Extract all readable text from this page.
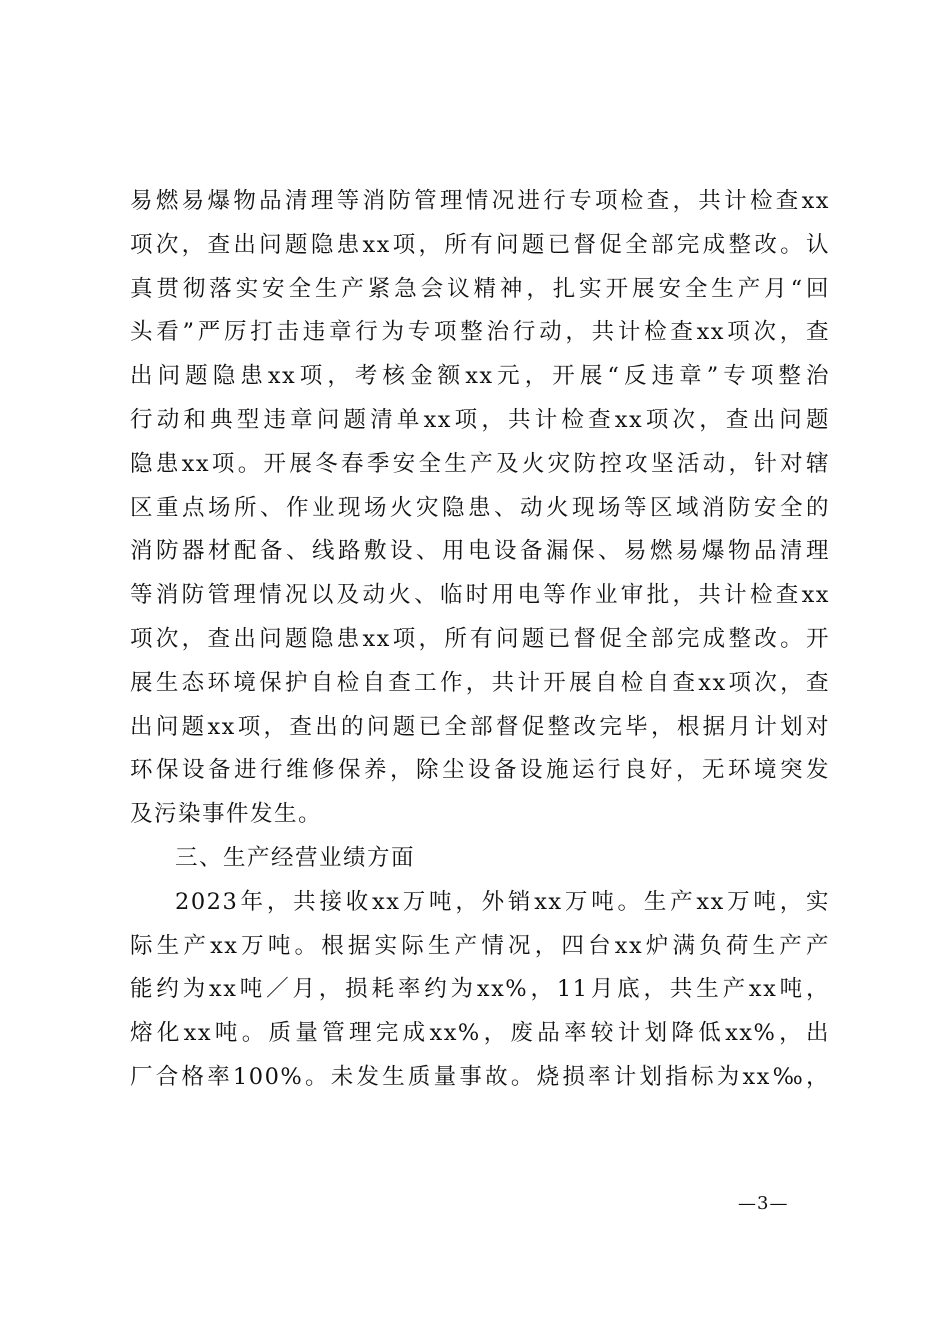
易燃易爆物品清理等消防管理情况进行专项检查，共计检查xx
项次，查出问题隐患xx项，所有问题已督促全部完成整改。认
真贯彻落实安全生产紧急会议精神，扎实开展安全生产月“回
头看”严厉打击违章行为专项整治行动，共计检查xx项次，查
出问题隐患xx项，考核金额xx元，开展“反违章”专项整治
行动和典型违章问题清单xx项，共计检查xx项次，查出问题
隐患xx项。开展冬春季安全生产及火灾防控攻坚活动，针对辖
区重点场所、作业现场火灾隐患、动火现场等区域消防安全的
消防器材配备、线路敷设、用电设备漏保、易燃易爆物品清理
等消防管理情况以及动火、临时用电等作业审批，共计检查xx
项次，查出问题隐患xx项，所有问题已督促全部完成整改。开
展生态环境保护自检自查工作，共计开展自检自查xx项次，查
出问题xx项，查出的问题已全部督促整改完毕，根据月计划对
环保设备进行维修保养，除尘设备设施运行良好，无环境突发
及污染事件发生。
三、生产经营业绩方面
2023年，共接收xx万吨，外销xx万吨。生产xx万吨，实
际生产xx万吨。根据实际生产情况，四台xx炉满负荷生产产
能约为xx吨／月，损耗率约为xx%，11月底，共生产xx吨，
熔化xx吨。质量管理完成xx%，废品率较计划降低xx%，出
厂合格率100%。未发生质量事故。烧损率计划指标为xx‰，
—3—
